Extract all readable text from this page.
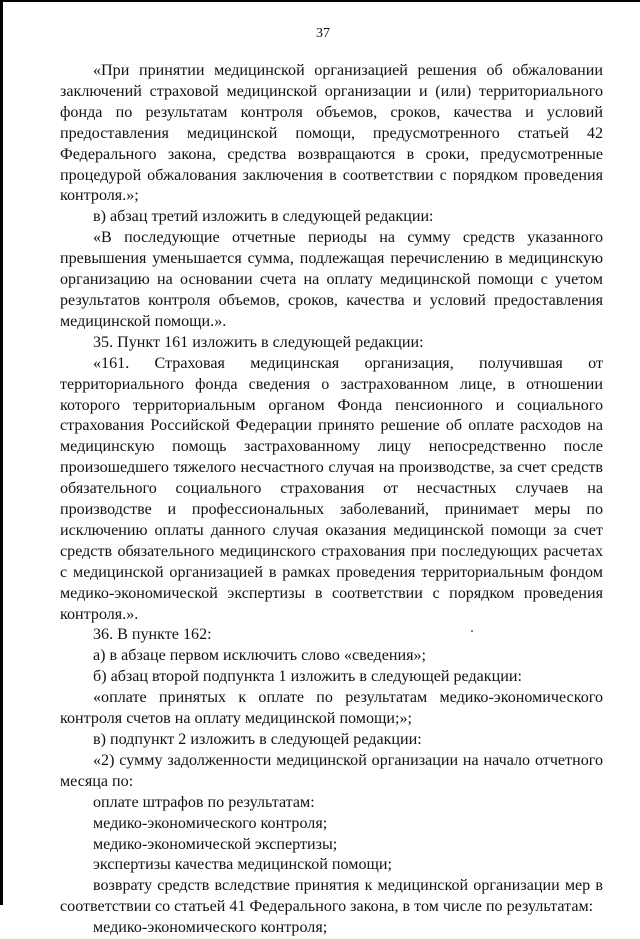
37

«При принятии медицинской организацией решения об обжаловании заключений страховой медицинской организации и (или) территориального фонда по результатам контроля объемов, сроков, качества и условий предоставления медицинской помощи, предусмотренного статьей 42 Федерального закона, средства возвращаются в сроки, предусмотренные процедурой обжалования заключения в соответствии с порядком проведения контроля.»;

в) абзац третий изложить в следующей редакции:

«В последующие отчетные периоды на сумму средств указанного превышения уменьшается сумма, подлежащая перечислению в медицинскую организацию на основании счета на оплату медицинской помощи с учетом результатов контроля объемов, сроков, качества и условий предоставления медицинской помощи.».

35. Пункт 161 изложить в следующей редакции:

«161. Страховая медицинская организация, получившая от территориального фонда сведения о застрахованном лице, в отношении которого территориальным органом Фонда пенсионного и социального страхования Российской Федерации принято решение об оплате расходов на медицинскую помощь застрахованному лицу непосредственно после произошедшего тяжелого несчастного случая на производстве, за счет средств обязательного социального страхования от несчастных случаев на производстве и профессиональных заболеваний, принимает меры по исключению оплаты данного случая оказания медицинской помощи за счет средств обязательного медицинского страхования при последующих расчетах с медицинской организацией в рамках проведения территориальным фондом медико-экономической экспертизы в соответствии с порядком проведения контроля.».

36. В пункте 162:

а) в абзаце первом исключить слово «сведения»;

б) абзац второй подпункта 1 изложить в следующей редакции:

«оплате принятых к оплате по результатам медико-экономического контроля счетов на оплату медицинской помощи;»;

в) подпункт 2 изложить в следующей редакции:

«2) сумму задолженности медицинской организации на начало отчетного месяца по:

оплате штрафов по результатам:

медико-экономического контроля;

медико-экономической экспертизы;

экспертизы качества медицинской помощи;

возврату средств вследствие принятия к медицинской организации мер в соответствии со статьей 41 Федерального закона, в том числе по результатам:

медико-экономического контроля;
